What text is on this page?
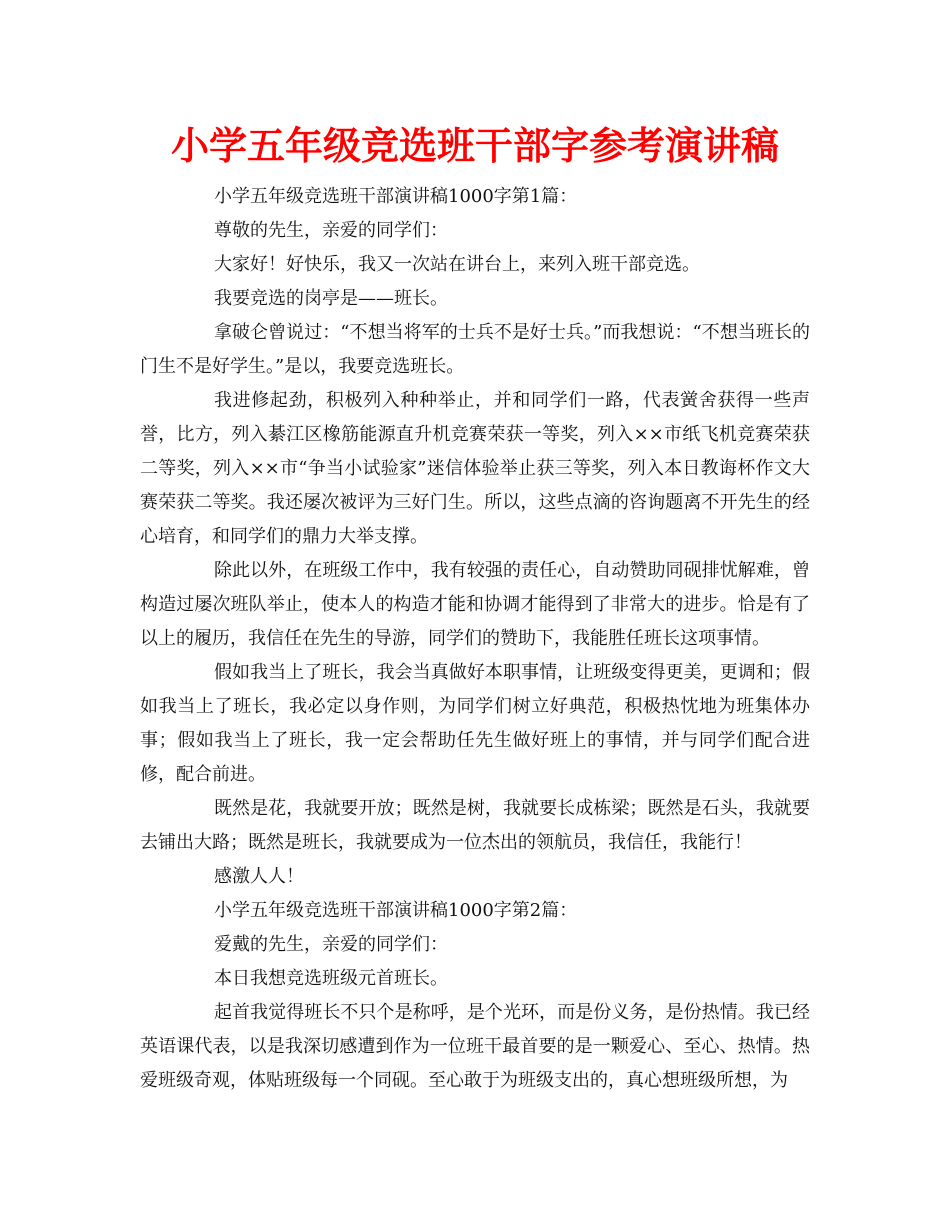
小学五年级竞选班干部字参考演讲稿

小学五年级竞选班干部演讲稿1000字第1篇：

尊敬的先生，亲爱的同学们：

大家好！好快乐，我又一次站在讲台上，来列入班干部竞选。

我要竞选的岗亭是——班长。

拿破仑曾说过：“不想当将军的士兵不是好士兵。”而我想说：“不想当班长的门生不是好学生。”是以，我要竞选班长。

我进修起劲，积极列入种种举止，并和同学们一路，代表黉舍获得一些声誉，比方，列入綦江区橡筋能源直升机竞赛荣获一等奖，列入××市纸飞机竞赛荣获二等奖，列入××市“争当小试验家”迷信体验举止获三等奖，列入本日教诲杯作文大赛荣获二等奖。我还屡次被评为三好门生。所以，这些点滴的咨询题离不开先生的经心培育，和同学们的鼎力大举支撑。

除此以外，在班级工作中，我有较强的责任心，自动赞助同砚排忧解难，曾构造过屡次班队举止，使本人的构造才能和协调才能得到了非常大的进步。恰是有了以上的履历，我信任在先生的导游，同学们的赞助下，我能胜任班长这项事情。

假如我当上了班长，我会当真做好本职事情，让班级变得更美，更调和；假如我当上了班长，我必定以身作则，为同学们树立好典范，积极热忱地为班集体办事；假如我当上了班长，我一定会帮助任先生做好班上的事情，并与同学们配合进修，配合前进。

既然是花，我就要开放；既然是树，我就要长成栋梁；既然是石头，我就要去铺出大路；既然是班长，我就要成为一位杰出的领航员，我信任，我能行！

感激人人！

小学五年级竞选班干部演讲稿1000字第2篇：

爱戴的先生，亲爱的同学们：

本日我想竞选班级元首班长。

起首我觉得班长不只个是称呼，是个光环，而是份义务，是份热情。我已经英语课代表，以是我深切感遭到作为一位班干最首要的是一颗爱心、至心、热情。热爱班级奇观，体贴班级每一个同砚。至心敢于为班级支出的，真心想班级所想，为
